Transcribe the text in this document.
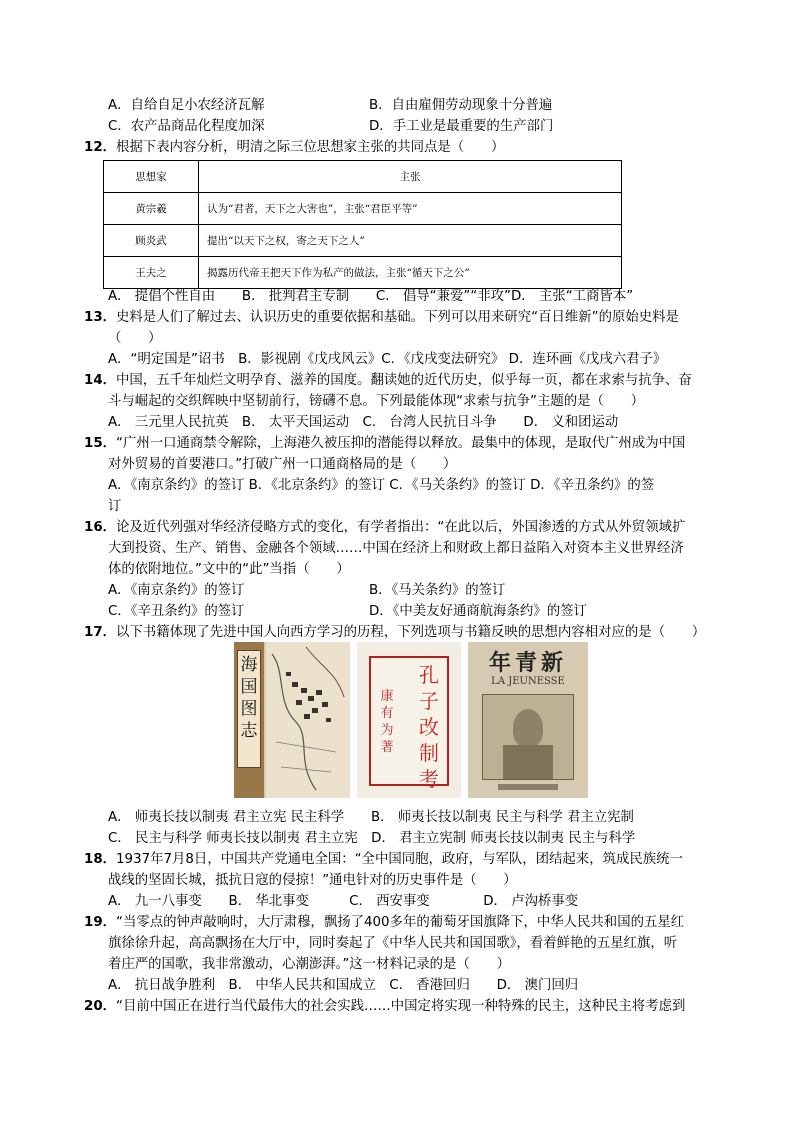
A．自给自足小农经济瓦解	B．自由雇佣劳动现象十分普遍
C．农产品商品化程度加深	D．手工业是最重要的生产部门
12．根据下表内容分析，明清之际三位思想家主张的共同点是（　　）
思想家	主张
黄宗羲	认为“君者，天下之大害也”，主张“君臣平等”
顾炎武	提出“以天下之权，寄之天下之人”
王夫之	揭露历代帝王把天下作为私产的做法，主张“循天下之公”
A． 提倡个性自由　　B． 批判君主专制　　C． 倡导“兼爱”“非攻”D． 主张“工商皆本”
13．史料是人们了解过去、认识历史的重要依据和基础。下列可以用来研究“百日维新”的原始史料是
（　　）
A．“明定国是”诏书　B．影视剧《戊戌风云》C．《戊戌变法研究》 D．连环画《戊戌六君子》
14．中国，五千年灿烂文明孕育、滋养的国度。翻读她的近代历史，似乎每一页，都在求索与抗争、奋
斗与崛起的交织辉映中坚韧前行，镑礴不息。下列最能体现“求索与抗争”主题的是（　　）
A． 三元里人民抗英　B． 太平天国运动　C． 台湾人民抗日斗争　　D． 义和团运动
15．“广州一口通商禁令解除，上海港久被压抑的潜能得以释放。最集中的体现，是取代广州成为中国
对外贸易的首要港口。”打破广州一口通商格局的是（　　）
A．《南京条约》的签订 B．《北京条约》的签订 C．《马关条约》的签订 D．《辛丑条约》的签
订
16．论及近代列强对华经济侵略方式的变化，有学者指出：“在此以后，外国渗透的方式从外贸领域扩
大到投资、生产、销售、金融各个领域……中国在经济上和财政上都日益陷入对资本主义世界经济
体的依附地位。”文中的“此”当指（　　）
A．《南京条约》的签订	B．《马关条约》的签订
C．《辛丑条约》的签订	D．《中美友好通商航海条约》的签订
17．以下书籍体现了先进中国人向西方学习的历程，下列选项与书籍反映的思想内容相对应的是（　　）
海国图志
孔子改制考
康有为著
新青年
LA JEUNESSE
A． 师夷长技以制夷 君主立宪 民主科学　　B． 师夷长技以制夷 民主与科学 君主立宪制
C． 民主与科学 师夷长技以制夷 君主立宪　D． 君主立宪制 师夷长技以制夷 民主与科学
18．1937年7月8日，中国共产党通电全国：“全中国同胞，政府，与军队，团结起来，筑成民族统一
战线的坚固长城，抵抗日寇的侵掠！”通电针对的历史事件是（　　）
A． 九一八事变　　B． 华北事变　　　C． 西安事变　　　　D． 卢沟桥事变
19．“当零点的钟声敲响时，大厅肃穆，飘扬了400多年的葡萄牙国旗降下，中华人民共和国的五星红
旗徐徐升起，高高飘扬在大厅中，同时奏起了《中华人民共和国国歌》，看着鲜艳的五星红旗，听
着庄严的国歌，我非常激动，心潮澎湃。”这一材料记录的是（　　）
A． 抗日战争胜利　B． 中华人民共和国成立　C． 香港回归　　D． 澳门回归
20．“目前中国正在进行当代最伟大的社会实践……中国定将实现一种特殊的民主，这种民主将考虑到
